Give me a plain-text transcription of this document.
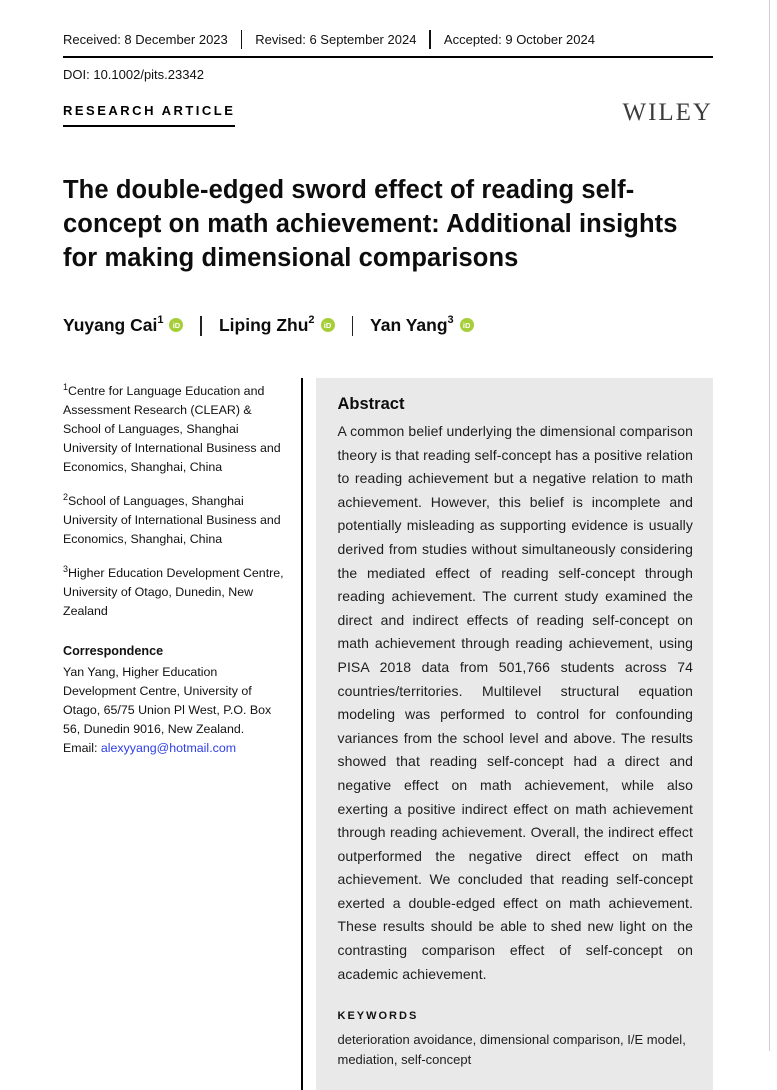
Received: 8 December 2023 Revised: 6 September 2024 Accepted: 9 October 2024
DOI: 10.1002/pits.23342
RESEARCH ARTICLE	WILEY
The double-edged sword effect of reading self-concept on math achievement: Additional insights for making dimensional comparisons
Yuyang Cai$^1$	iD Liping Zhu$^2$	iD Yan Yang$^3$	iD

$^1$Centre for Language Education and Assessment Research (CLEAR) & School of Languages, Shanghai University of International Business and Economics, Shanghai, China

$^2$School of Languages, Shanghai University of International Business and Economics, Shanghai, China

$^3$Higher Education Development Centre, University of Otago, Dunedin, New Zealand

Correspondence

Yan Yang, Higher Education Development Centre, University of Otago, 65/75 Union Pl West, P.O. Box 56, Dunedin 9016, New Zealand.

Email: alexyyang@hotmail.com

Abstract
A common belief underlying the dimensional comparison theory is that reading self-concept has a positive relation to reading achievement but a negative relation to math achievement. However, this belief is incomplete and potentially misleading as supporting evidence is usually derived from studies without simultaneously considering the mediated effect of reading self-concept through reading achievement. The current study examined the direct and indirect effects of reading self-concept on math achievement through reading achievement, using PISA 2018 data from 501,766 students across 74 countries/territories. Multilevel structural equation modeling was performed to control for confounding variances from the school level and above. The results showed that reading self-concept had a direct and negative effect on math achievement, while also exerting a positive indirect effect on math achievement through reading achievement. Overall, the indirect effect outperformed the negative direct effect on math achievement. We concluded that reading self-concept exerted a double-edged effect on math achievement. These results should be able to shed new light on the contrasting comparison effect of self-concept on academic achievement.
KEYWORDS
deterioration avoidance, dimensional comparison, I/E model, mediation, self-concept
